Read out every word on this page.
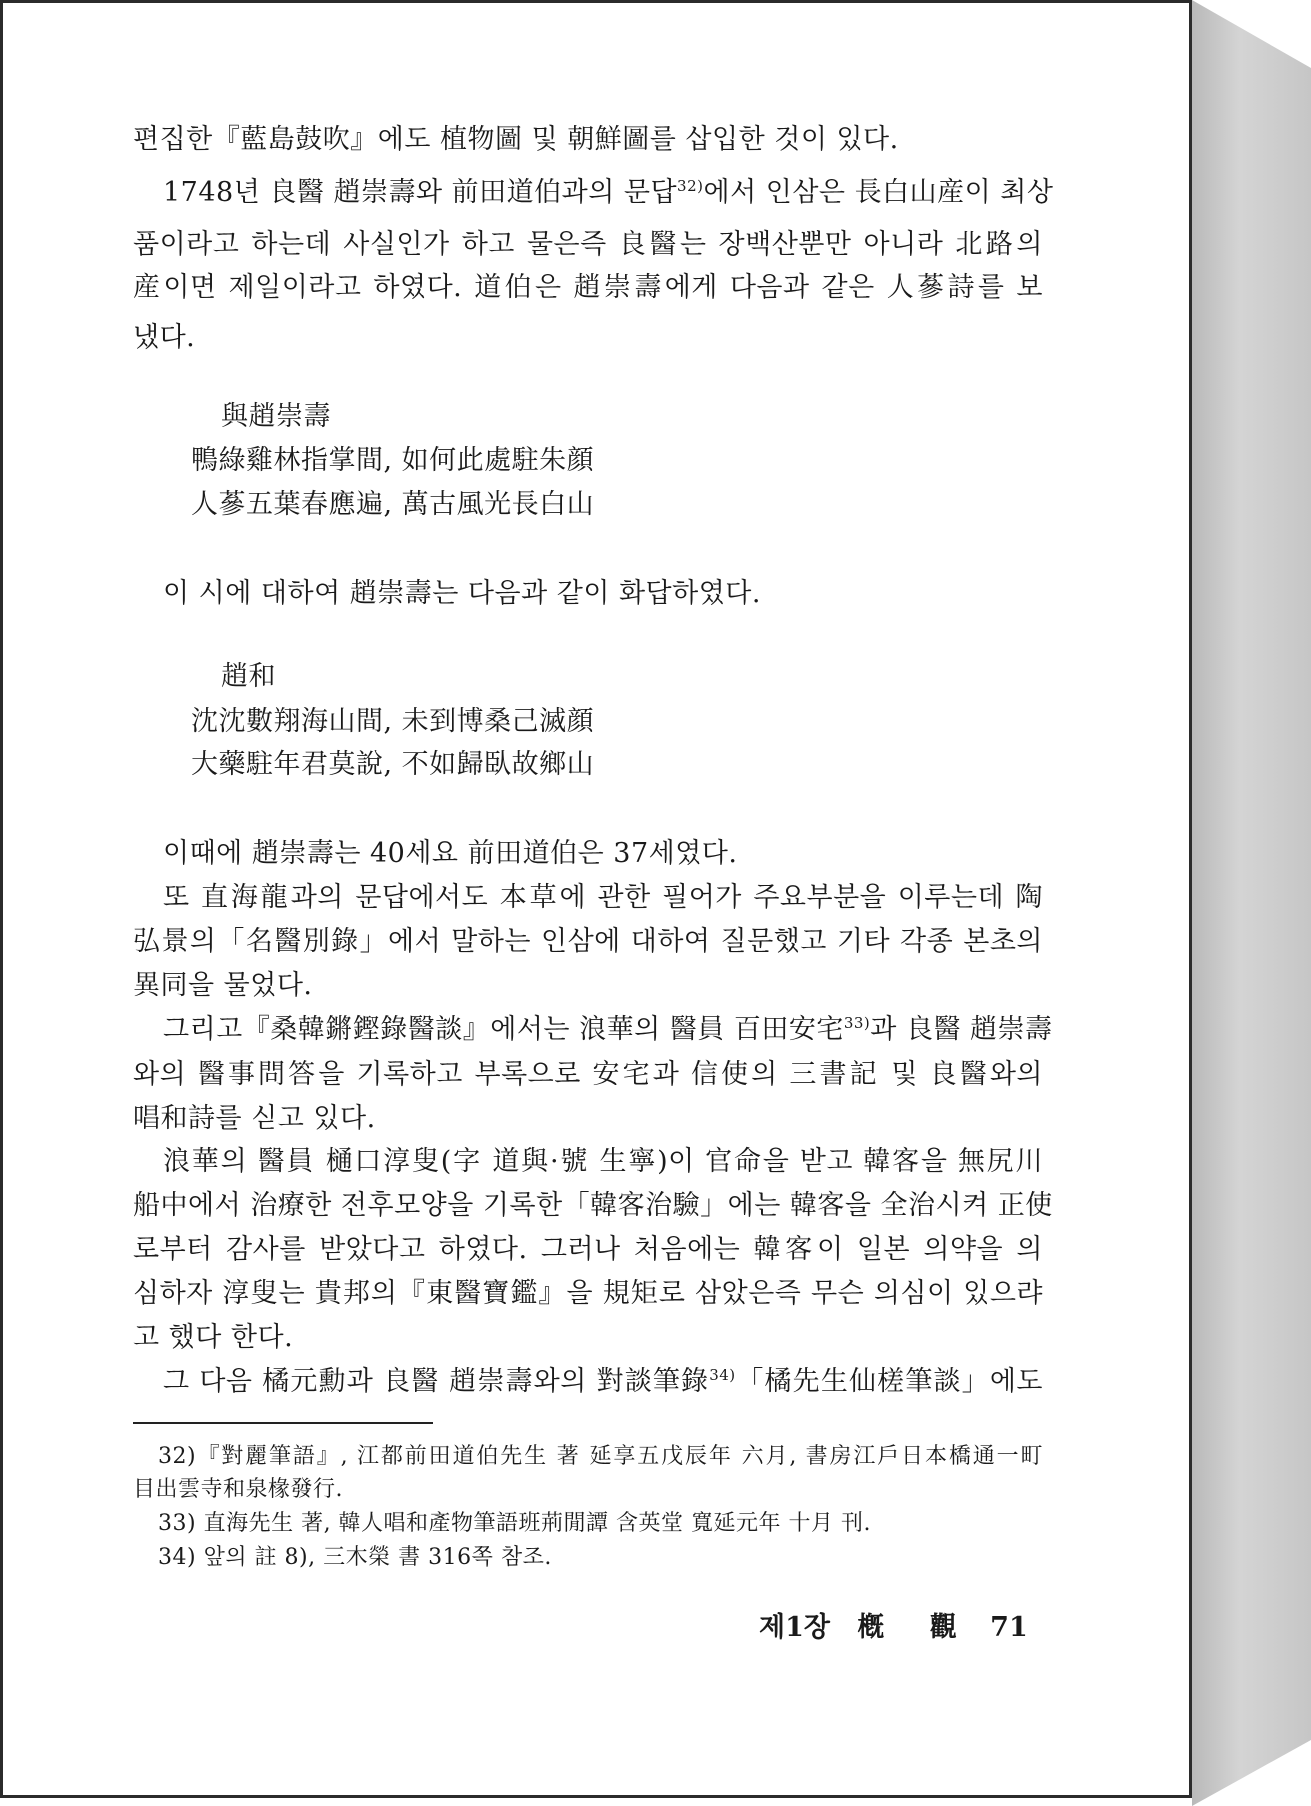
편집한『藍島鼓吹』에도 植物圖 및 朝鮮圖를 삽입한 것이 있다.
1748년 良醫 趙崇壽와 前田道伯과의 문답$^{32)}$에서 인삼은 長白山産이 최상
품이라고 하는데 사실인가 하고 물은즉 良醫는 장백산뿐만 아니라 北路의
産이면 제일이라고 하였다. 道伯은 趙崇壽에게 다음과 같은 人蔘詩를 보
냈다.
與趙崇壽
鴨綠雞林指掌間, 如何此處駐朱顔
人蔘五葉春應遍, 萬古風光長白山
이 시에 대하여 趙崇壽는 다음과 같이 화답하였다.
趙和
沈沈數翔海山間, 未到博桑己滅顔
大藥駐年君莫說, 不如歸臥故鄉山
이때에 趙崇壽는 40세요 前田道伯은 37세였다.
또 直海龍과의 문답에서도 本草에 관한 필어가 주요부분을 이루는데 陶
弘景의「名醫別錄」에서 말하는 인삼에 대하여 질문했고 기타 각종 본초의
異同을 물었다.
그리고『桑韓鏘鏗錄醫談』에서는 浪華의 醫員 百田安宅$^{33)}$과 良醫 趙崇壽
와의 醫事問答을 기록하고 부록으로 安宅과 信使의 三書記 및 良醫와의
唱和詩를 싣고 있다.
浪華의 醫員 樋口淳叟(字 道與·號 生寧)이 官命을 받고 韓客을 無尻川
船中에서 治療한 전후모양을 기록한「韓客治驗」에는 韓客을 全治시켜 正使
로부터 감사를 받았다고 하였다. 그러나 처음에는 韓客이 일본 의약을 의
심하자 淳叟는 貴邦의『東醫寶鑑』을 規矩로 삼았은즉 무슨 의심이 있으랴
고 했다 한다.
그 다음 橘元勳과 良醫 趙崇壽와의 對談筆錄$^{34)}$「橘先生仙槎筆談」에도
32)『對麗筆語』, 江都前田道伯先生 著 延享五戊辰年 六月, 書房江戶日本橋通一町
目出雲寺和泉椽發行.
33) 直海先生 著, 韓人唱和產物筆語班荊閒譚 含英堂 寬延元年 十月 刊.
34) 앞의 註 8), 三木榮 書 316쪽 참조.
제1장 槪 觀 71
